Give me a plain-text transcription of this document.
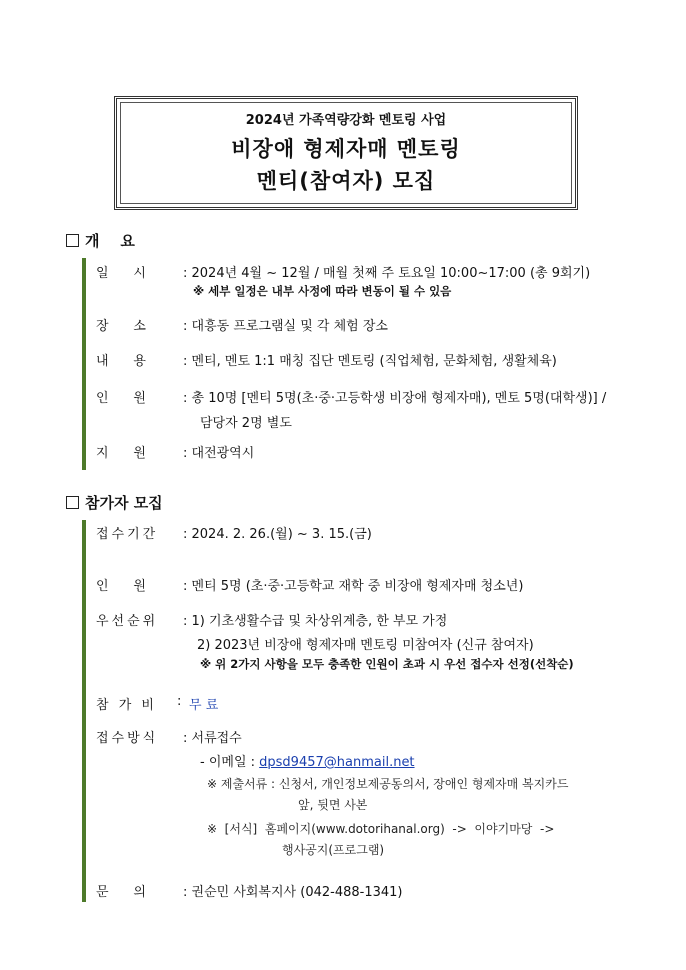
2024년 가족역량강화 멘토링 사업
비장애 형제자매 멘토링
멘티(참여자) 모집
개    요
일      시	: 2024년 4월 ~ 12월 / 매월 첫째 주 토요일 10:00~17:00 (총 9회기)
※ 세부 일정은 내부 사정에 따라 변동이 될 수 있음
장      소	: 대흥동 프로그램실 및 각 체험 장소
내      용	: 멘티, 멘토 1:1 매칭 집단 멘토링 (직업체험, 문화체험, 생활체육)
인      원	: 총 10명 [멘티 5명(초·중·고등학생 비장애 형제자매), 멘토 5명(대학생)] /
담당자 2명 별도
지      원	: 대전광역시
참가자 모집
접수기간 : 2024. 2. 26.(월) ~ 3. 15.(금)
인      원	: 멘티 5명 (초·중·고등학교 재학 중 비장애 형제자매 청소년)
우선순위 : 1) 기초생활수급 및 차상위계층, 한 부모 가정
2) 2023년 비장애 형제자매 멘토링 미참여자 (신규 참여자)
※ 위 2가지 사항을 모두 충족한 인원이 초과 시 우선 접수자 선정(선착순)
참 가 비 : 무 료
접수방식 : 서류접수
- 이메일 : dpsd9457@hanmail.net
※ 제출서류 : 신청서, 개인정보제공동의서, 장애인 형제자매 복지카드
앞, 뒷면 사본
※  [서식]  홈페이지(www.dotorihanal.org)  ->  이야기마당  ->
행사공지(프로그램)
문      의	: 권순민 사회복지사 (042-488-1341)
